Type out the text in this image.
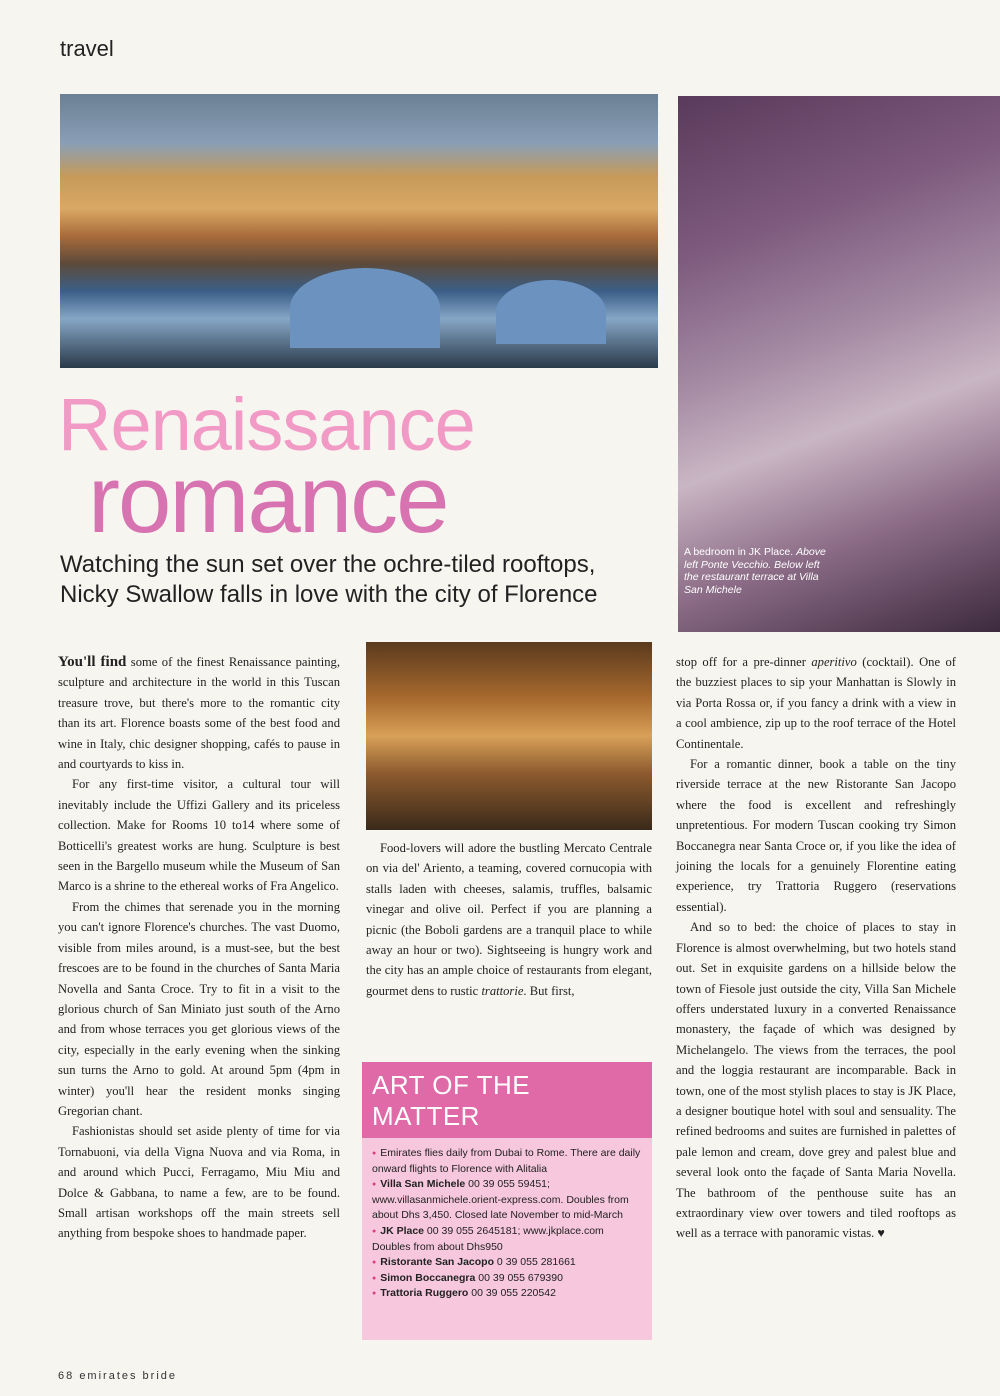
travel
A bedroom in JK Place. Above left Ponte Vecchio. Below left the restaurant terrace at Villa San Michele
Renaissance
romance
Watching the sun set over the ochre-tiled rooftops, Nicky Swallow falls in love with the city of Florence

You'll find some of the finest Renaissance painting, sculpture and architecture in the world in this Tuscan treasure trove, but there's more to the romantic city than its art. Florence boasts some of the best food and wine in Italy, chic designer shopping, cafés to pause in and courtyards to kiss in.

For any first-time visitor, a cultural tour will inevitably include the Uffizi Gallery and its priceless collection. Make for Rooms 10 to14 where some of Botticelli's greatest works are hung. Sculpture is best seen in the Bargello museum while the Museum of San Marco is a shrine to the ethereal works of Fra Angelico.

From the chimes that serenade you in the morning you can't ignore Florence's churches. The vast Duomo, visible from miles around, is a must-see, but the best frescoes are to be found in the churches of Santa Maria Novella and Santa Croce. Try to fit in a visit to the glorious church of San Miniato just south of the Arno and from whose terraces you get glorious views of the city, especially in the early evening when the sinking sun turns the Arno to gold. At around 5pm (4pm in winter) you'll hear the resident monks singing Gregorian chant.

Fashionistas should set aside plenty of time for via Tornabuoni, via della Vigna Nuova and via Roma, in and around which Pucci, Ferragamo, Miu Miu and Dolce & Gabbana, to name a few, are to be found. Small artisan workshops off the main streets sell anything from bespoke shoes to handmade paper.

Food-lovers will adore the bustling Mercato Centrale on via del' Ariento, a teaming, covered cornucopia with stalls laden with cheeses, salamis, truffles, balsamic vinegar and olive oil. Perfect if you are planning a picnic (the Boboli gardens are a tranquil place to while away an hour or two). Sightseeing is hungry work and the city has an ample choice of restaurants from elegant, gourmet dens to rustic trattorie. But first,

ART OF THE MATTER
● Emirates flies daily from Dubai to Rome. There are daily onward flights to Florence with Alitalia
● Villa San Michele 00 39 055 59451; www.villasanmichele.orient-express.com. Doubles from about Dhs 3,450. Closed late November to mid-March
● JK Place 00 39 055 2645181; www.jkplace.com Doubles from about Dhs950
● Ristorante San Jacopo 0 39 055 281661
● Simon Boccanegra 00 39 055 679390
● Trattoria Ruggero 00 39 055 220542

stop off for a pre-dinner aperitivo (cocktail). One of the buzziest places to sip your Manhattan is Slowly in via Porta Rossa or, if you fancy a drink with a view in a cool ambience, zip up to the roof terrace of the Hotel Continentale.

For a romantic dinner, book a table on the tiny riverside terrace at the new Ristorante San Jacopo where the food is excellent and refreshingly unpretentious. For modern Tuscan cooking try Simon Boccanegra near Santa Croce or, if you like the idea of joining the locals for a genuinely Florentine eating experience, try Trattoria Ruggero (reservations essential).

And so to bed: the choice of places to stay in Florence is almost overwhelming, but two hotels stand out. Set in exquisite gardens on a hillside below the town of Fiesole just outside the city, Villa San Michele offers understated luxury in a converted Renaissance monastery, the façade of which was designed by Michelangelo. The views from the terraces, the pool and the loggia restaurant are incomparable. Back in town, one of the most stylish places to stay is JK Place, a designer boutique hotel with soul and sensuality. The refined bedrooms and suites are furnished in palettes of pale lemon and cream, dove grey and palest blue and several look onto the façade of Santa Maria Novella. The bathroom of the penthouse suite has an extraordinary view over towers and tiled rooftops as well as a terrace with panoramic vistas. ♥

68 emirates bride
